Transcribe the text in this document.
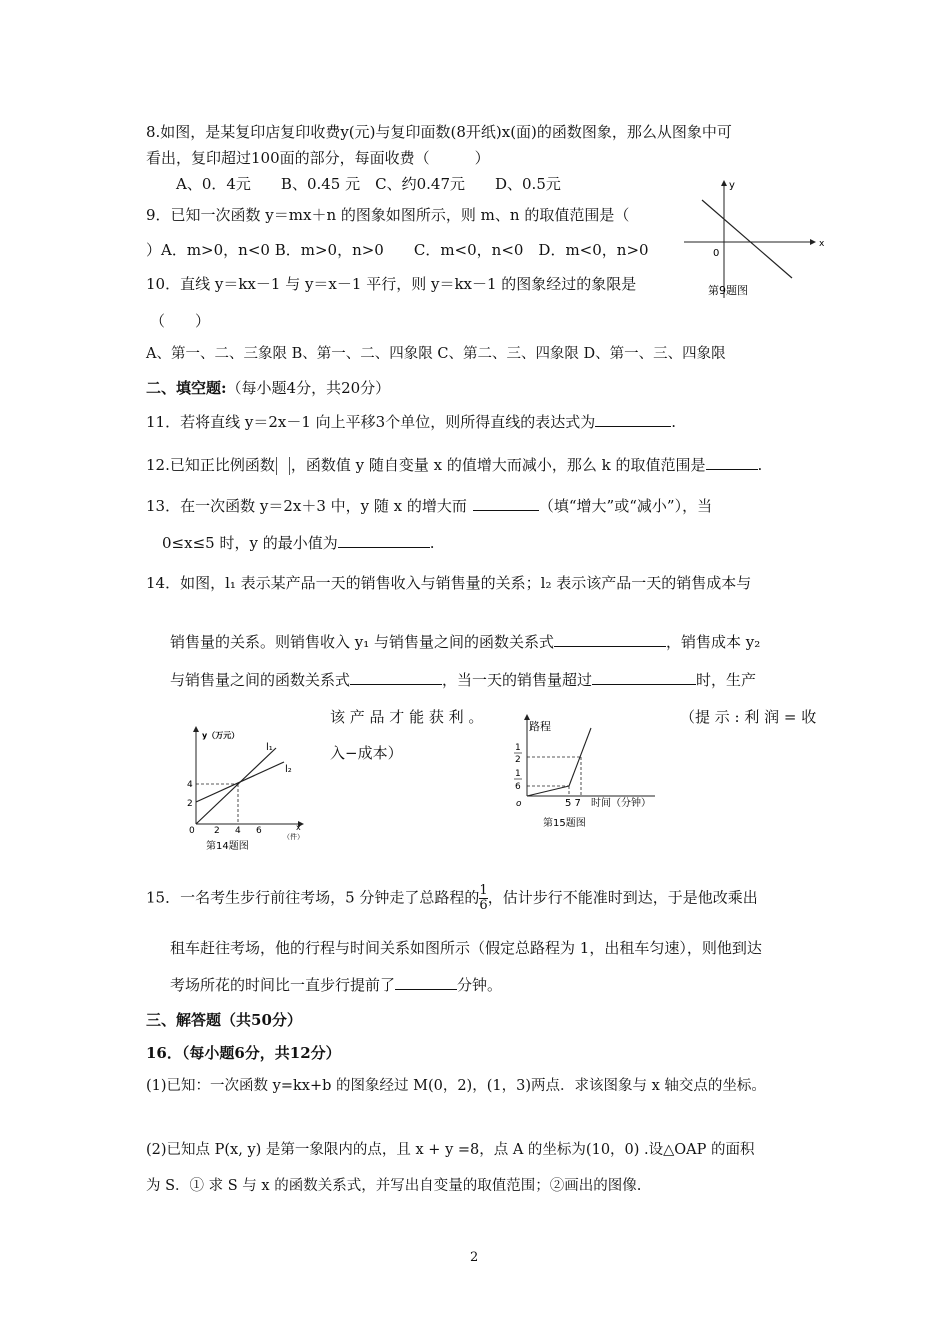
8.如图，是某复印店复印收费y(元)与复印面数(8开纸)x(面)的函数图象，那么从图象中可
看出，复印超过100面的部分，每面收费（　　　）
A、0．4元　　B、0.45 元　C、约0.47元　　D、0.5元
9．已知一次函数 y＝mx＋n 的图象如图所示，则 m、n 的取值范围是（
）A．m>0，n<0 B．m>0，n>0　　C．m<0，n<0　D．m<0，n>0
y
x
0
第9题图
10．直线 y＝kx－1 与 y＝x－1 平行，则 y＝kx－1 的图象经过的象限是
（　　）
A、第一、二、三象限 B、第一、二、四象限 C、第二、三、四象限 D、第一、三、四象限
二、填空题:（每小题4分，共20分）
11．若将直线 y＝2x－1 向上平移3个单位，则所得直线的表达式为	.
12.已知正比例函数 ，函数值 y 随自变量 x 的值增大而减小，那么 k 的取值范围是	.
13．在一次函数 y＝2x＋3 中，y 随 x 的增大而	（填“增大”或“减小”），当
0≤x≤5 时，y 的最小值为	.
14．如图，l₁ 表示某产品一天的销售收入与销售量的关系；l₂ 表示该产品一天的销售成本与
销售量的关系。则销售收入 y₁ 与销售量之间的函数关系式	，销售成本 y₂
与销售量之间的函数关系式	，当一天的销售量超过	时，生产
该 产 品 才 能 获 利 。	（提 示 : 利 润 = 收
入−成本）
y（万元）
l₁
l₂
4
2
0 2 4 6	x
（件）
第14题图
路程
1
2
1
6
o	5 7 时间（分钟）
第15题图
15．一名考生步行前往考场，5 分钟走了总路程的 $\frac{1}{6}$ ，估计步行不能准时到达，于是他改乘出
租车赶往考场，他的行程与时间关系如图所示（假定总路程为 1，出租车匀速），则他到达
考场所花的时间比一直步行提前了	分钟。
三、解答题（共50分）
16．（每小题6分，共12分）
(1)已知：一次函数 y=kx+b 的图象经过 M(0，2)，(1，3)两点．求该图象与 x 轴交点的坐标。
(2)已知点 P(x, y) 是第一象限内的点，且 x + y =8，点 A 的坐标为(10，0) .设△OAP 的面积
为 S．① 求 S 与 x 的函数关系式，并写出自变量的取值范围；②画出的图像.
2
